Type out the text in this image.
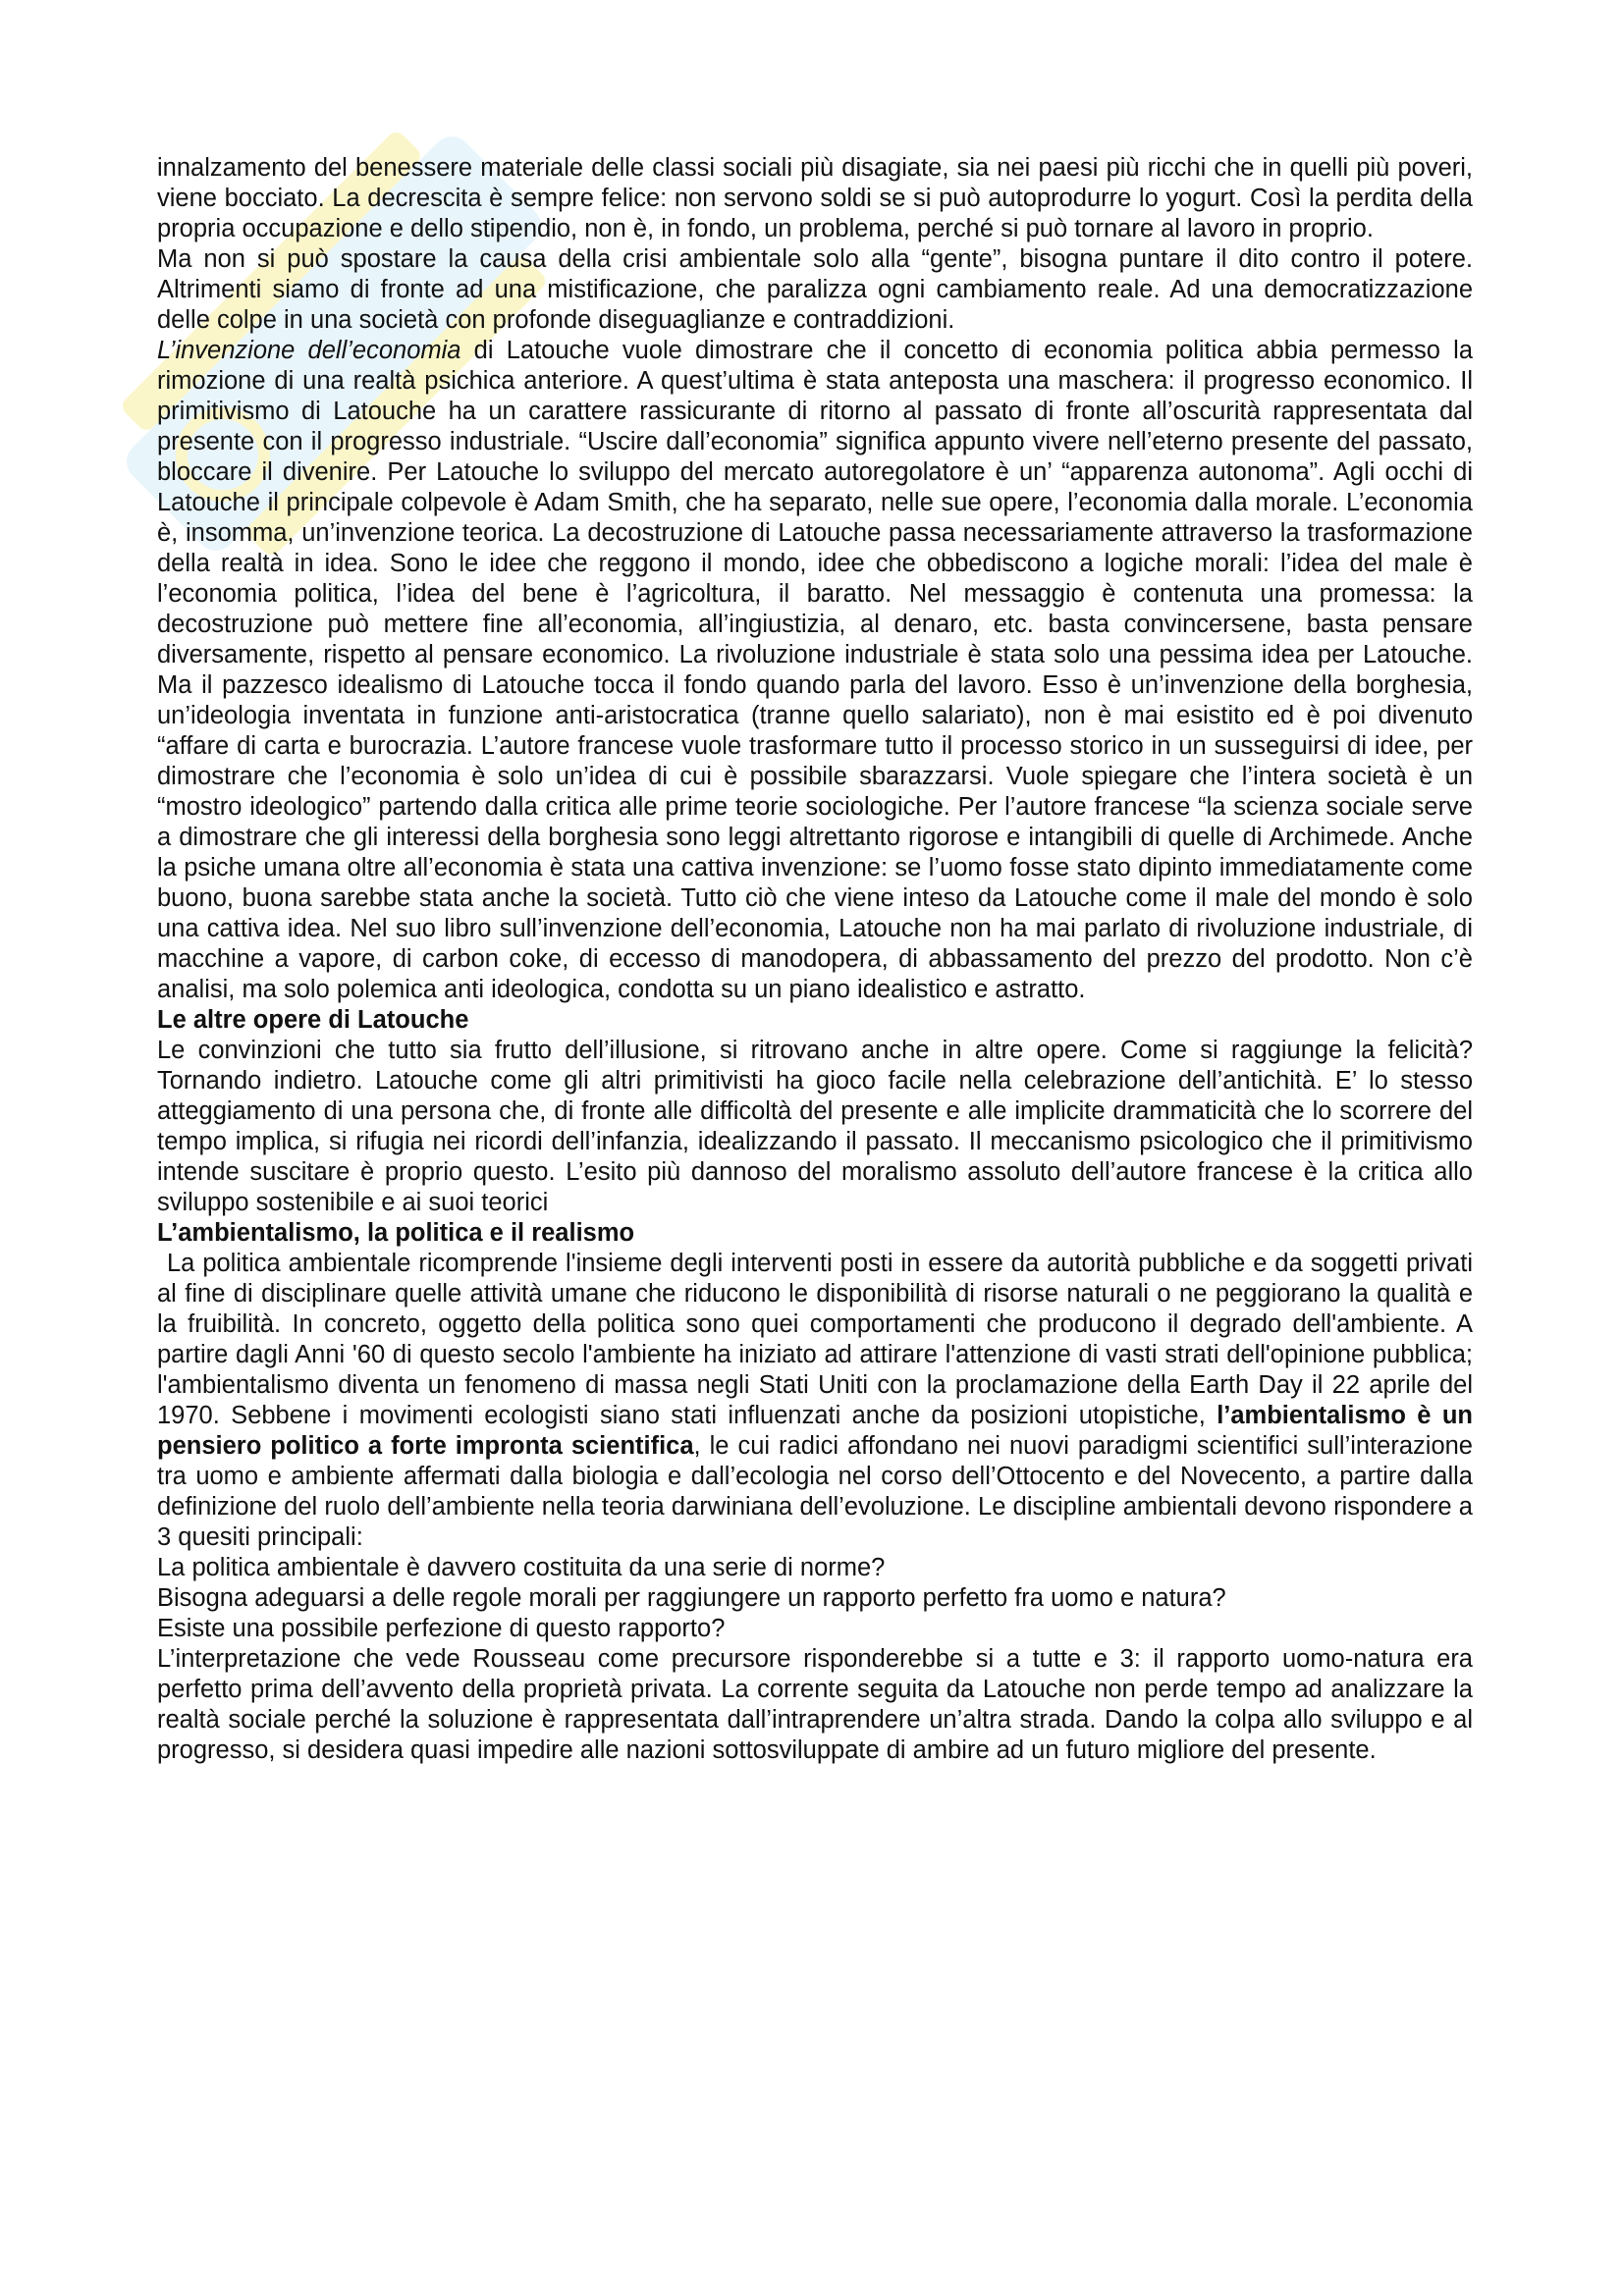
innalzamento del benessere materiale delle classi sociali più disagiate, sia nei paesi più ricchi che in quelli più poveri, viene bocciato. La decrescita è sempre felice: non servono soldi se si può autoprodurre lo yogurt. Così la perdita della propria occupazione e dello stipendio, non è, in fondo, un problema, perché si può tornare al lavoro in proprio.

Ma non si può spostare la causa della crisi ambientale solo alla “gente”, bisogna puntare il dito contro il potere. Altrimenti siamo di fronte ad una mistificazione, che paralizza ogni cambiamento reale. Ad una democratizzazione delle colpe in una società con profonde diseguaglianze e contraddizioni.

L’invenzione dell’economia di Latouche vuole dimostrare che il concetto di economia politica abbia permesso la rimozione di una realtà psichica anteriore. A quest’ultima è stata anteposta una maschera: il progresso economico. Il primitivismo di Latouche ha un carattere rassicurante di ritorno al passato di fronte all’oscurità rappresentata dal presente con il progresso industriale. “Uscire dall’economia” significa appunto vivere nell’eterno presente del passato, bloccare il divenire. Per Latouche lo sviluppo del mercato autoregolatore è un’ “apparenza autonoma”. Agli occhi di Latouche il principale colpevole è Adam Smith, che ha separato, nelle sue opere, l’economia dalla morale. L’economia è, insomma, un’invenzione teorica. La decostruzione di Latouche passa necessariamente attraverso la trasformazione della realtà in idea. Sono le idee che reggono il mondo, idee che obbediscono a logiche morali: l’idea del male è l’economia politica, l’idea del bene è l’agricoltura, il baratto. Nel messaggio è contenuta una promessa: la decostruzione può mettere fine all’economia, all’ingiustizia, al denaro, etc. basta convincersene, basta pensare diversamente, rispetto al pensare economico. La rivoluzione industriale è stata solo una pessima idea per Latouche. Ma il pazzesco idealismo di Latouche tocca il fondo quando parla del lavoro. Esso è un’invenzione della borghesia, un’ideologia inventata in funzione anti-aristocratica (tranne quello salariato), non è mai esistito ed è poi divenuto “affare di carta e burocrazia. L’autore francese vuole trasformare tutto il processo storico in un susseguirsi di idee, per dimostrare che l’economia è solo un’idea di cui è possibile sbarazzarsi. Vuole spiegare che l’intera società è un “mostro ideologico” partendo dalla critica alle prime teorie sociologiche. Per l’autore francese “la scienza sociale serve a dimostrare che gli interessi della borghesia sono leggi altrettanto rigorose e intangibili di quelle di Archimede. Anche la psiche umana oltre all’economia è stata una cattiva invenzione: se l’uomo fosse stato dipinto immediatamente come buono, buona sarebbe stata anche la società. Tutto ciò che viene inteso da Latouche come il male del mondo è solo una cattiva idea. Nel suo libro sull’invenzione dell’economia, Latouche non ha mai parlato di rivoluzione industriale, di macchine a vapore, di carbon coke, di eccesso di manodopera, di abbassamento del prezzo del prodotto. Non c’è analisi, ma solo polemica anti ideologica, condotta su un piano idealistico e astratto.

Le altre opere di Latouche

Le convinzioni che tutto sia frutto dell’illusione, si ritrovano anche in altre opere. Come si raggiunge la felicità? Tornando indietro. Latouche come gli altri primitivisti ha gioco facile nella celebrazione dell’antichità. E’ lo stesso atteggiamento di una persona che, di fronte alle difficoltà del presente e alle implicite drammaticità che lo scorrere del tempo implica, si rifugia nei ricordi dell’infanzia, idealizzando il passato. Il meccanismo psicologico che il primitivismo intende suscitare è proprio questo. L’esito più dannoso del moralismo assoluto dell’autore francese è la critica allo sviluppo sostenibile e ai suoi teorici

L’ambientalismo, la politica e il realismo

La politica ambientale ricomprende l'insieme degli interventi posti in essere da autorità pubbliche e da soggetti privati al fine di disciplinare quelle attività umane che riducono le disponibilità di risorse naturali o ne peggiorano la qualità e la fruibilità. In concreto, oggetto della politica sono quei comportamenti che producono il degrado dell'ambiente. A partire dagli Anni '60 di questo secolo l'ambiente ha iniziato ad attirare l'attenzione di vasti strati dell'opinione pubblica; l'ambientalismo diventa un fenomeno di massa negli Stati Uniti con la proclamazione della Earth Day il 22 aprile del 1970. Sebbene i movimenti ecologisti siano stati influenzati anche da posizioni utopistiche, l’ambientalismo è un pensiero politico a forte impronta scientifica, le cui radici affondano nei nuovi paradigmi scientifici sull’interazione tra uomo e ambiente affermati dalla biologia e dall’ecologia nel corso dell’Ottocento e del Novecento, a partire dalla definizione del ruolo dell’ambiente nella teoria darwiniana dell’evoluzione. Le discipline ambientali devono rispondere a 3 quesiti principali:

La politica ambientale è davvero costituita da una serie di norme?

Bisogna adeguarsi a delle regole morali per raggiungere un rapporto perfetto fra uomo e natura?

Esiste una possibile perfezione di questo rapporto?

L’interpretazione che vede Rousseau come precursore risponderebbe si a tutte e 3: il rapporto uomo-natura era perfetto prima dell’avvento della proprietà privata. La corrente seguita da Latouche non perde tempo ad analizzare la realtà sociale perché la soluzione è rappresentata dall’intraprendere un’altra strada. Dando la colpa allo sviluppo e al progresso, si desidera quasi impedire alle nazioni sottosviluppate di ambire ad un futuro migliore del presente.
